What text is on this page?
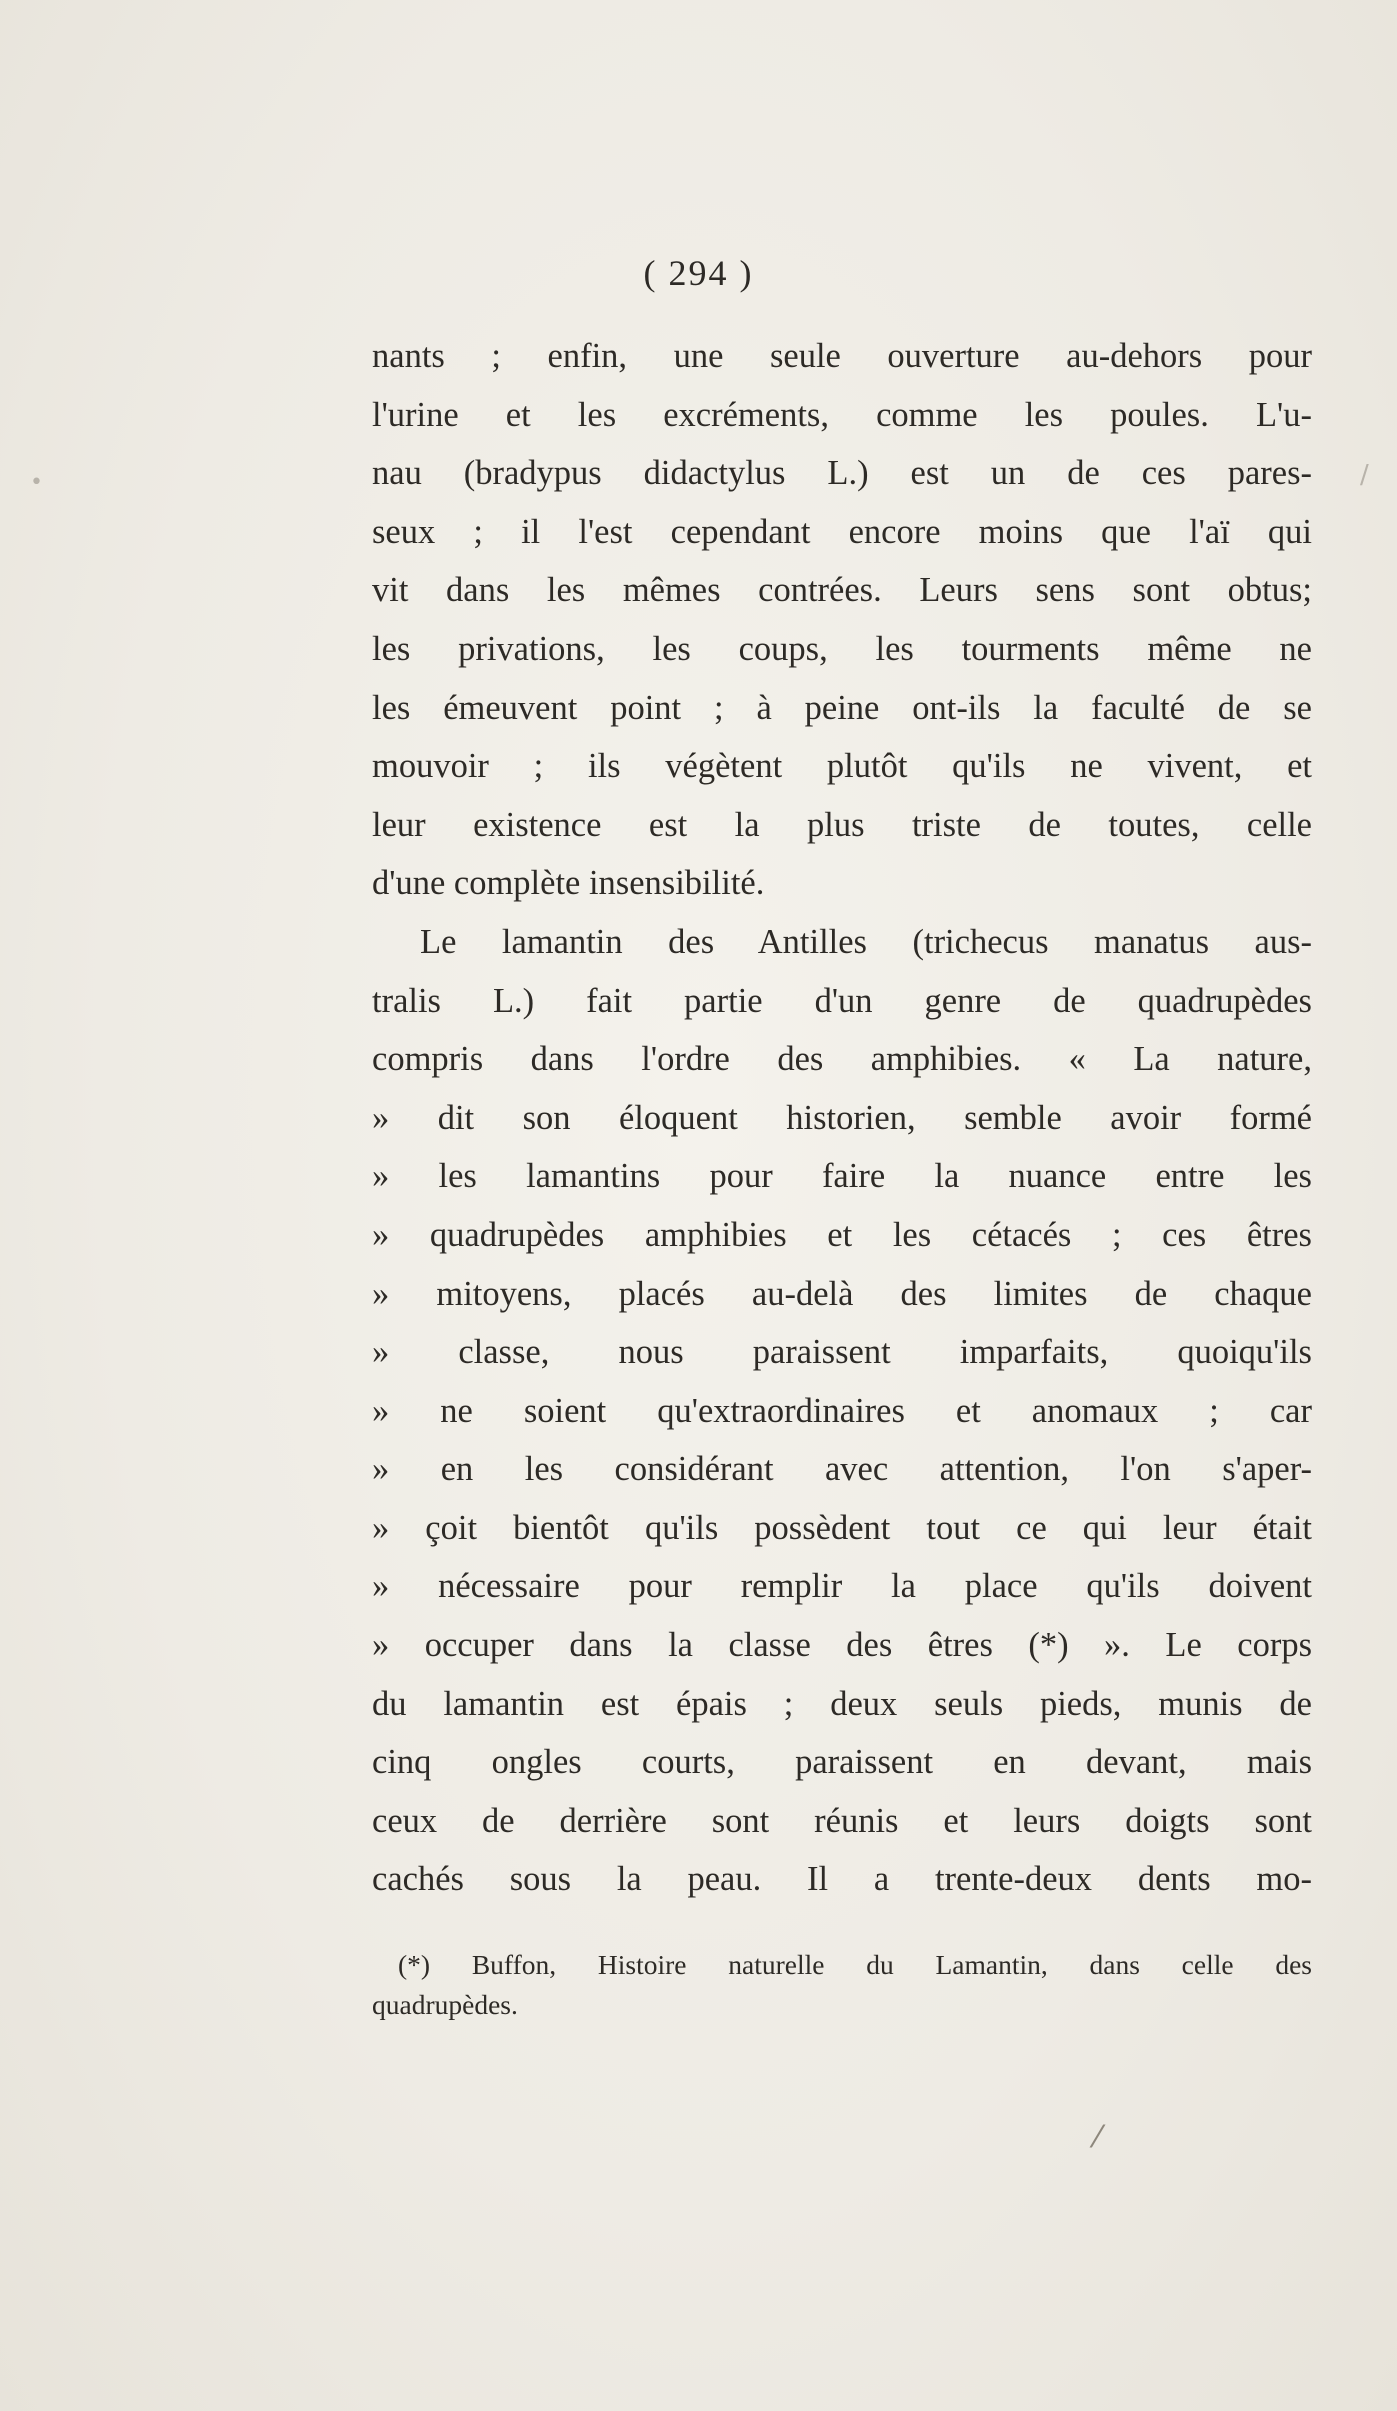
( 294 )
nants ; enfin, une seule ouverture au-dehors pour
l'urine et les excréments, comme les poules. L'u-
nau (bradypus didactylus L.) est un de ces pares-
seux ; il l'est cependant encore moins que l'aï qui
vit dans les mêmes contrées. Leurs sens sont obtus;
les privations, les coups, les tourments même ne
les émeuvent point ; à peine ont-ils la faculté de se
mouvoir ; ils végètent plutôt qu'ils ne vivent, et
leur existence est la plus triste de toutes, celle
d'une complète insensibilité.
Le lamantin des Antilles (trichecus manatus aus-
tralis L.) fait partie d'un genre de quadrupèdes
compris dans l'ordre des amphibies. « La nature,
» dit son éloquent historien, semble avoir formé
» les lamantins pour faire la nuance entre les
» quadrupèdes amphibies et les cétacés ; ces êtres
» mitoyens, placés au-delà des limites de chaque
» classe, nous paraissent imparfaits, quoiqu'ils
» ne soient qu'extraordinaires et anomaux ; car
» en les considérant avec attention, l'on s'aper-
» çoit bientôt qu'ils possèdent tout ce qui leur était
» nécessaire pour remplir la place qu'ils doivent
» occuper dans la classe des êtres (*) ». Le corps
du lamantin est épais ; deux seuls pieds, munis de
cinq ongles courts, paraissent en devant, mais
ceux de derrière sont réunis et leurs doigts sont
cachés sous la peau. Il a trente-deux dents mo-
(*) Buffon, Histoire naturelle du Lamantin, dans celle des
quadrupèdes.
•	/
⁄
